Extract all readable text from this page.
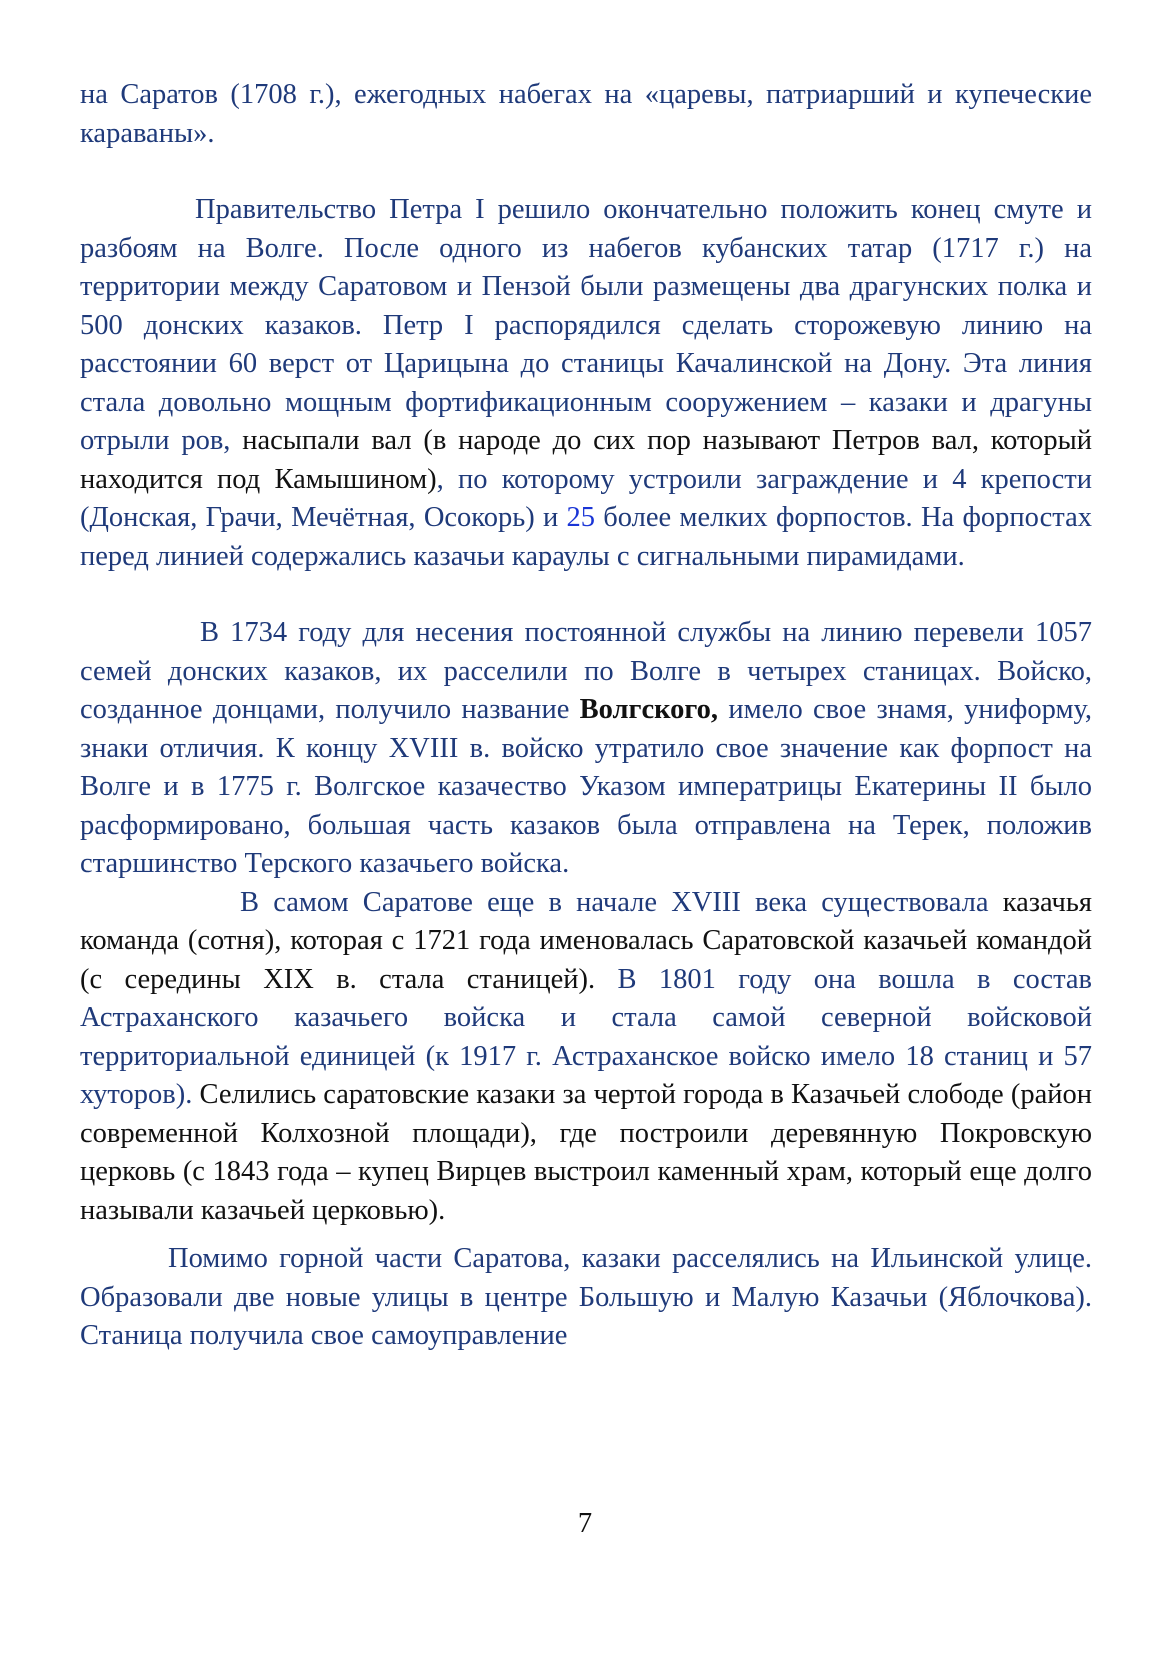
на Саратов (1708 г.), ежегодных набегах на «царевы, патриарший и купеческие караваны».

Правительство Петра I решило окончательно положить конец смуте и разбоям на Волге. После одного из набегов кубанских татар (1717 г.) на территории между Саратовом и Пензой были размещены два драгунских полка и 500 донских казаков. Петр I распорядился сделать сторожевую линию на расстоянии 60 верст от Царицына до станицы Качалинской на Дону. Эта линия стала довольно мощным фортификационным сооружением – казаки и драгуны отрыли ров, насыпали вал (в народе до сих пор называют Петров вал, который находится под Камышином), по которому устроили заграждение и 4 крепости (Донская, Грачи, Мечётная, Осокорь) и 25 более мелких форпостов. На форпостах перед линией содержались казачьи караулы с сигнальными пирамидами.

В 1734 году для несения постоянной службы на линию перевели 1057 семей донских казаков, их расселили по Волге в четырех станицах. Войско, созданное донцами, получило название Волгского, имело свое знамя, униформу, знаки отличия. К концу XVIII в. войско утратило свое значение как форпост на Волге и в 1775 г. Волгское казачество Указом императрицы Екатерины II было расформировано, большая часть казаков была отправлена на Терек, положив старшинство Терского казачьего войска.

В самом Саратове еще в начале XVIII века существовала казачья команда (сотня), которая с 1721 года именовалась Саратовской казачьей командой (с середины XIX в. стала станицей). В 1801 году она вошла в состав Астраханского казачьего войска и стала самой северной войсковой территориальной единицей (к 1917 г. Астраханское войско имело 18 станиц и 57 хуторов). Селились саратовские казаки за чертой города в Казачьей слободе (район современной Колхозной площади), где построили деревянную Покровскую церковь (с 1843 года – купец Вирцев выстроил каменный храм, который еще долго называли казачьей церковью).

Помимо горной части Саратова, казаки расселялись на Ильинской улице. Образовали две новые улицы в центре Большую и Малую Казачьи (Яблочкова). Станица получила свое самоуправление

7
